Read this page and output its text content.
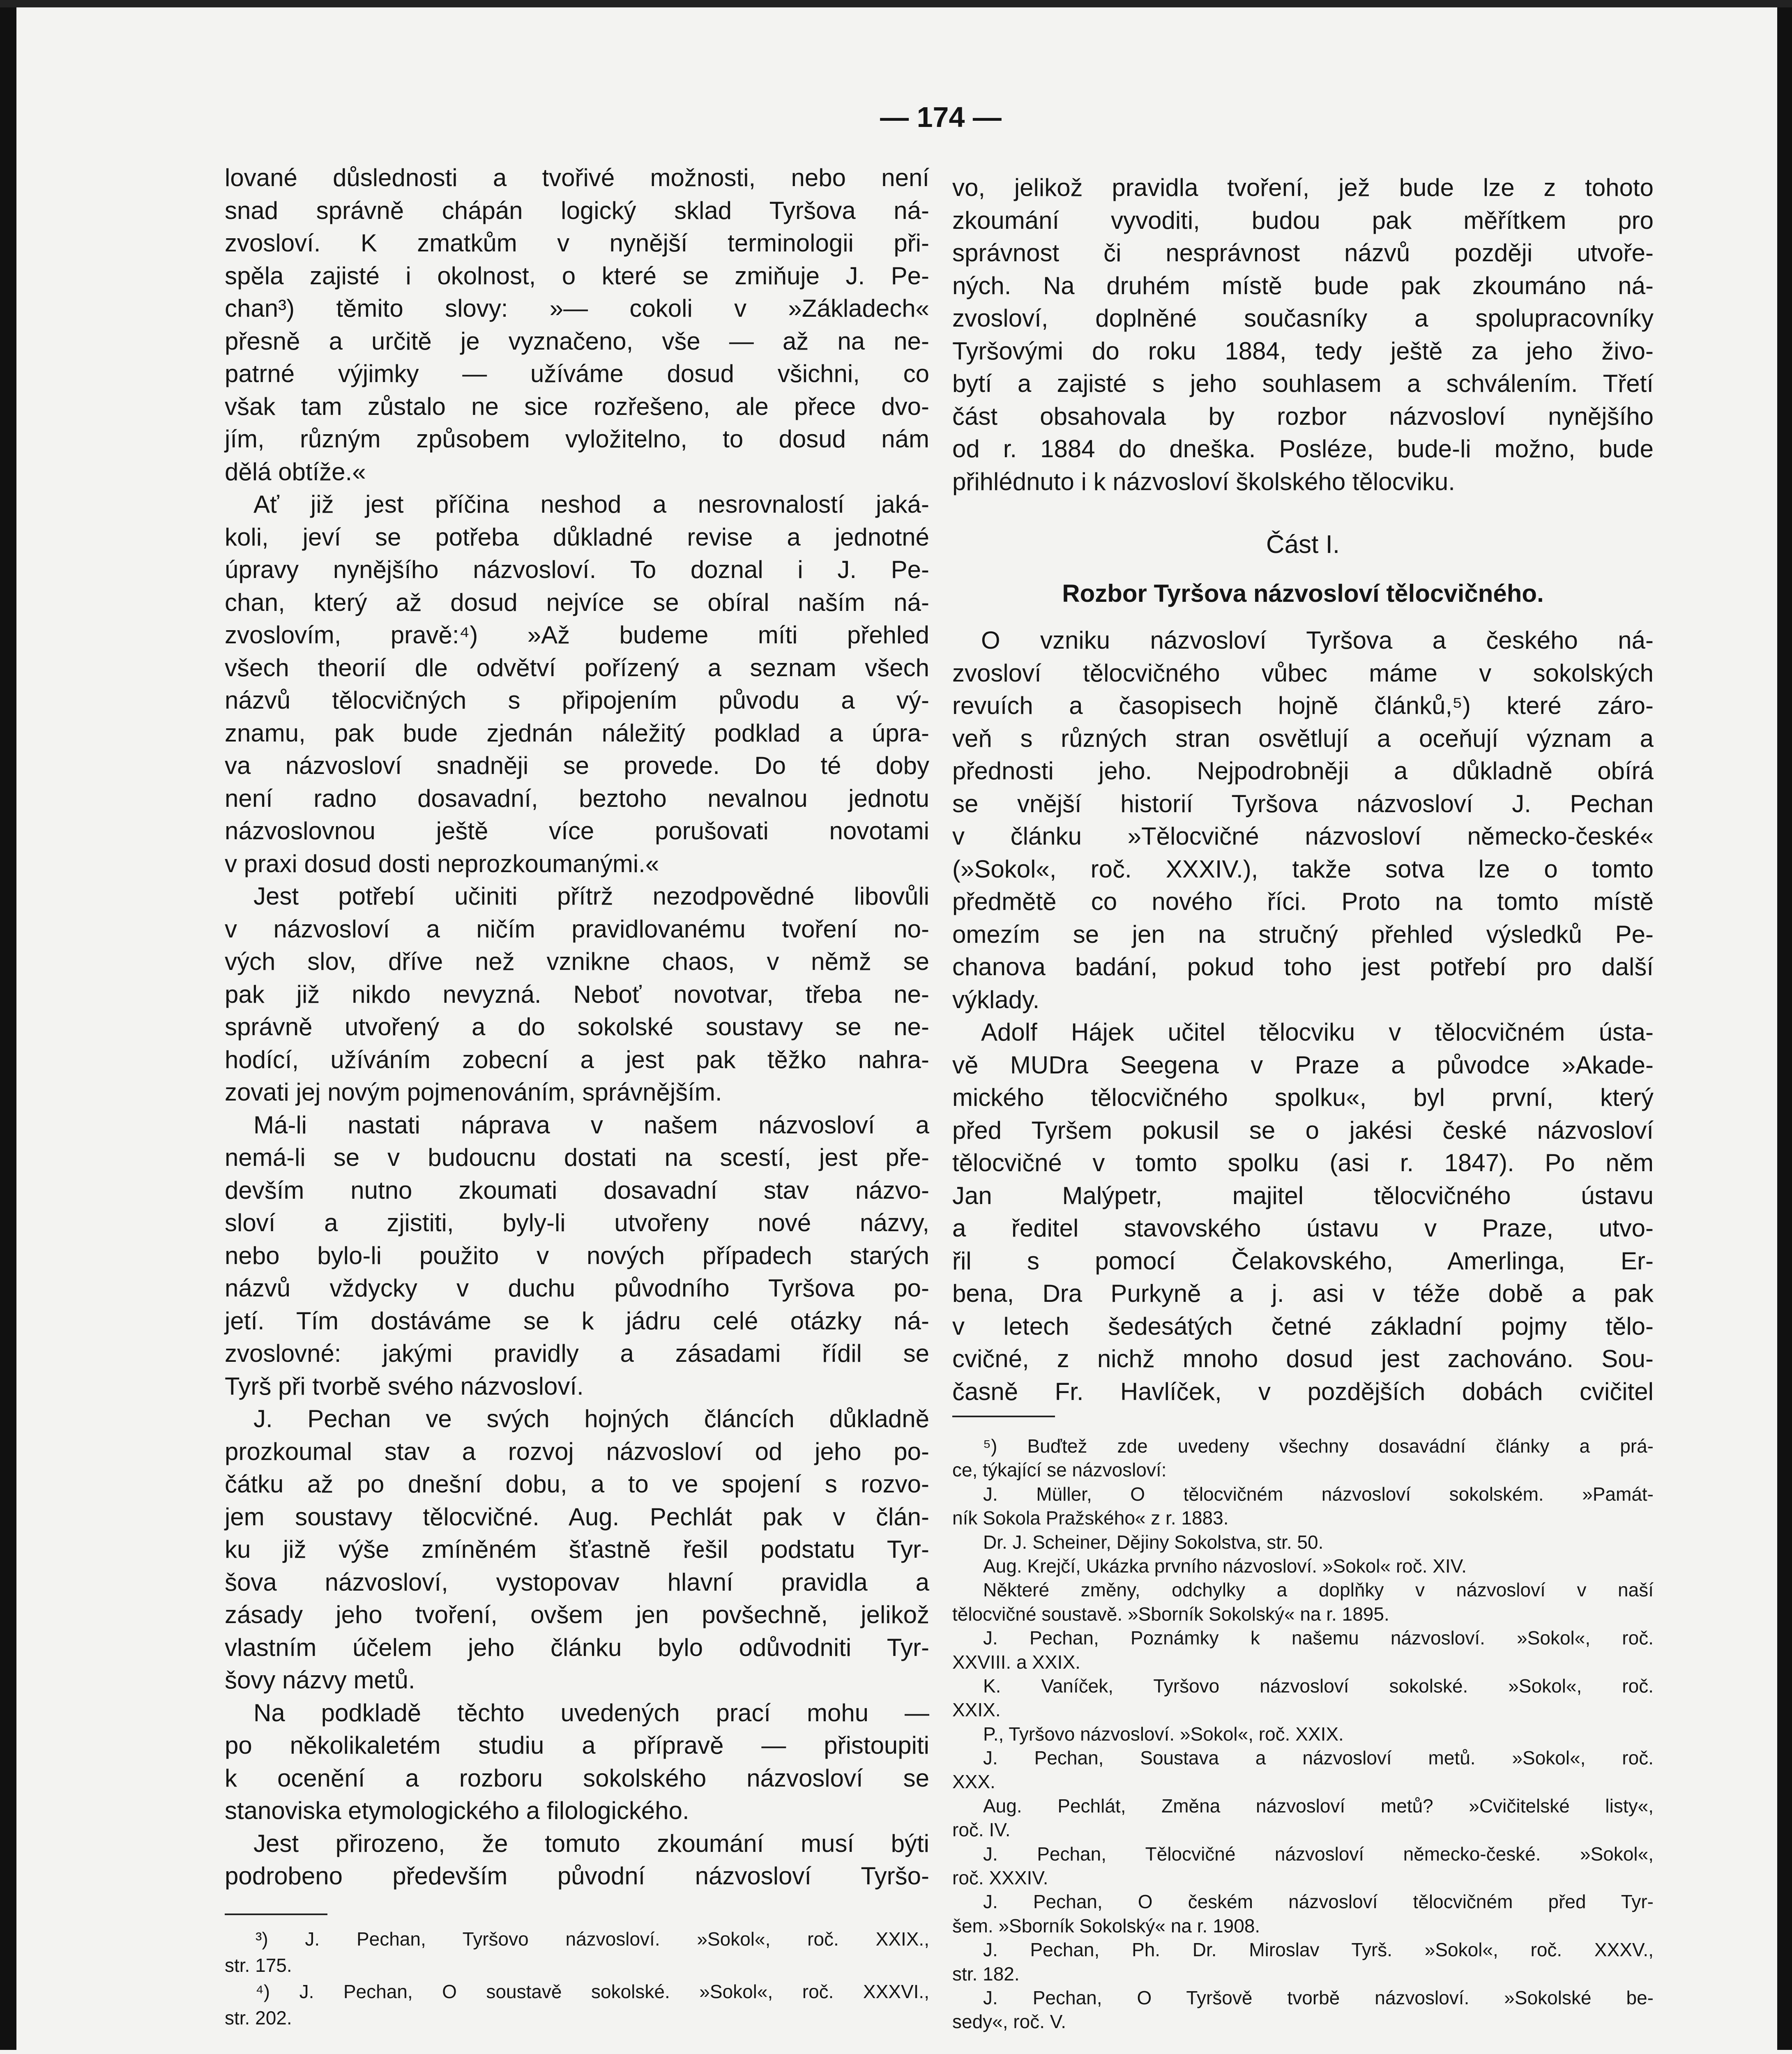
— 174 —
lované důslednosti a tvořivé možnosti, nebo není
snad správně chápán logický sklad Tyršova ná-
zvosloví. K zmatkům v nynější terminologii při-
spěla zajisté i okolnost, o které se zmiňuje J. Pe-
chan³) těmito slovy: »— cokoli v »Základech«
přesně a určitě je vyznačeno, vše — až na ne-
patrné výjimky — užíváme dosud všichni, co
však tam zůstalo ne sice rozřešeno, ale přece dvo-
jím, různým způsobem vyložitelno, to dosud nám
dělá obtíže.«
Ať již jest příčina neshod a nesrovnalostí jaká-
koli, jeví se potřeba důkladné revise a jednotné
úpravy nynějšího názvosloví. To doznal i J. Pe-
chan, který až dosud nejvíce se obíral naším ná-
zvoslovím, pravě:⁴) »Až budeme míti přehled
všech theorií dle odvětví pořízený a seznam všech
názvů tělocvičných s připojením původu a vý-
znamu, pak bude zjednán náležitý podklad a úpra-
va názvosloví snadněji se provede. Do té doby
není radno dosavadní, beztoho nevalnou jednotu
názvoslovnou ještě více porušovati novotami
v praxi dosud dosti neprozkoumanými.«
Jest potřebí učiniti přítrž nezodpovědné libovůli
v názvosloví a ničím pravidlovanému tvoření no-
vých slov, dříve než vznikne chaos, v němž se
pak již nikdo nevyzná. Neboť novotvar, třeba ne-
správně utvořený a do sokolské soustavy se ne-
hodící, užíváním zobecní a jest pak těžko nahra-
zovati jej novým pojmenováním, správnějším.
Má-li nastati náprava v našem názvosloví a
nemá-li se v budoucnu dostati na scestí, jest pře-
devším nutno zkoumati dosavadní stav názvo-
sloví a zjistiti, byly-li utvořeny nové názvy,
nebo bylo-li použito v nových případech starých
názvů vždycky v duchu původního Tyršova po-
jetí. Tím dostáváme se k jádru celé otázky ná-
zvoslovné: jakými pravidly a zásadami řídil se
Tyrš při tvorbě svého názvosloví.
J. Pechan ve svých hojných článcích důkladně
prozkoumal stav a rozvoj názvosloví od jeho po-
čátku až po dnešní dobu, a to ve spojení s rozvo-
jem soustavy tělocvičné. Aug. Pechlát pak v člán-
ku již výše zmíněném šťastně řešil podstatu Tyr-
šova názvosloví, vystopovav hlavní pravidla a
zásady jeho tvoření, ovšem jen povšechně, jelikož
vlastním účelem jeho článku bylo odůvodniti Tyr-
šovy názvy metů.
Na podkladě těchto uvedených prací mohu —
po několikaletém studiu a přípravě — přistoupiti
k ocenění a rozboru sokolského názvosloví se
stanoviska etymologického a filologického.
Jest přirozeno, že tomuto zkoumání musí býti
podrobeno především původní názvosloví Tyršo-
³) J. Pechan, Tyršovo názvosloví. »Sokol«, roč. XXIX.,
str. 175.
⁴) J. Pechan, O soustavě sokolské. »Sokol«, roč. XXXVI.,
str. 202.
vo, jelikož pravidla tvoření, jež bude lze z tohoto
zkoumání vyvoditi, budou pak měřítkem pro
správnost či nesprávnost názvů později utvoře-
ných. Na druhém místě bude pak zkoumáno ná-
zvosloví, doplněné současníky a spolupracovníky
Tyršovými do roku 1884, tedy ještě za jeho živo-
bytí a zajisté s jeho souhlasem a schválením. Třetí
část obsahovala by rozbor názvosloví nynějšího
od r. 1884 do dneška. Posléze, bude-li možno, bude
přihlédnuto i k názvosloví školského tělocviku.
Část I.
Rozbor Tyršova názvosloví tělocvičného.
O vzniku názvosloví Tyršova a českého ná-
zvosloví tělocvičného vůbec máme v sokolských
revuích a časopisech hojně článků,⁵) které záro-
veň s různých stran osvětlují a oceňují význam a
přednosti jeho. Nejpodrobněji a důkladně obírá
se vnější historií Tyršova názvosloví J. Pechan
v článku »Tělocvičné názvosloví německo-české«
(»Sokol«, roč. XXXIV.), takže sotva lze o tomto
předmětě co nového říci. Proto na tomto místě
omezím se jen na stručný přehled výsledků Pe-
chanova badání, pokud toho jest potřebí pro další
výklady.
Adolf Hájek učitel tělocviku v tělocvičném ústa-
vě MUDra Seegena v Praze a původce »Akade-
mického tělocvičného spolku«, byl první, který
před Tyršem pokusil se o jakési české názvosloví
tělocvičné v tomto spolku (asi r. 1847). Po něm
Jan Malýpetr, majitel tělocvičného ústavu
a ředitel stavovského ústavu v Praze, utvo-
řil s pomocí Čelakovského, Amerlinga, Er-
bena, Dra Purkyně a j. asi v téže době a pak
v letech šedesátých četné základní pojmy tělo-
cvičné, z nichž mnoho dosud jest zachováno. Sou-
časně Fr. Havlíček, v pozdějších dobách cvičitel
⁵) Buďtež zde uvedeny všechny dosavádní články a prá-
ce, týkající se názvosloví:
J. Müller, O tělocvičném názvosloví sokolském. »Památ-
ník Sokola Pražského« z r. 1883.
Dr. J. Scheiner, Dějiny Sokolstva, str. 50.
Aug. Krejčí, Ukázka prvního názvosloví. »Sokol« roč. XIV.
Některé změny, odchylky a doplňky v názvosloví v naší
tělocvičné soustavě. »Sborník Sokolský« na r. 1895.
J. Pechan, Poznámky k našemu názvosloví. »Sokol«, roč.
XXVIII. a XXIX.
K. Vaníček, Tyršovo názvosloví sokolské. »Sokol«, roč.
XXIX.
P., Tyršovo názvosloví. »Sokol«, roč. XXIX.
J. Pechan, Soustava a názvosloví metů. »Sokol«, roč.
XXX.
Aug. Pechlát, Změna názvosloví metů? »Cvičitelské listy«,
roč. IV.
J. Pechan, Tělocvičné názvosloví německo-české. »Sokol«,
roč. XXXIV.
J. Pechan, O českém názvosloví tělocvičném před Tyr-
šem. »Sborník Sokolský« na r. 1908.
J. Pechan, Ph. Dr. Miroslav Tyrš. »Sokol«, roč. XXXV.,
str. 182.
J. Pechan, O Tyršově tvorbě názvosloví. »Sokolské be-
sedy«, roč. V.
